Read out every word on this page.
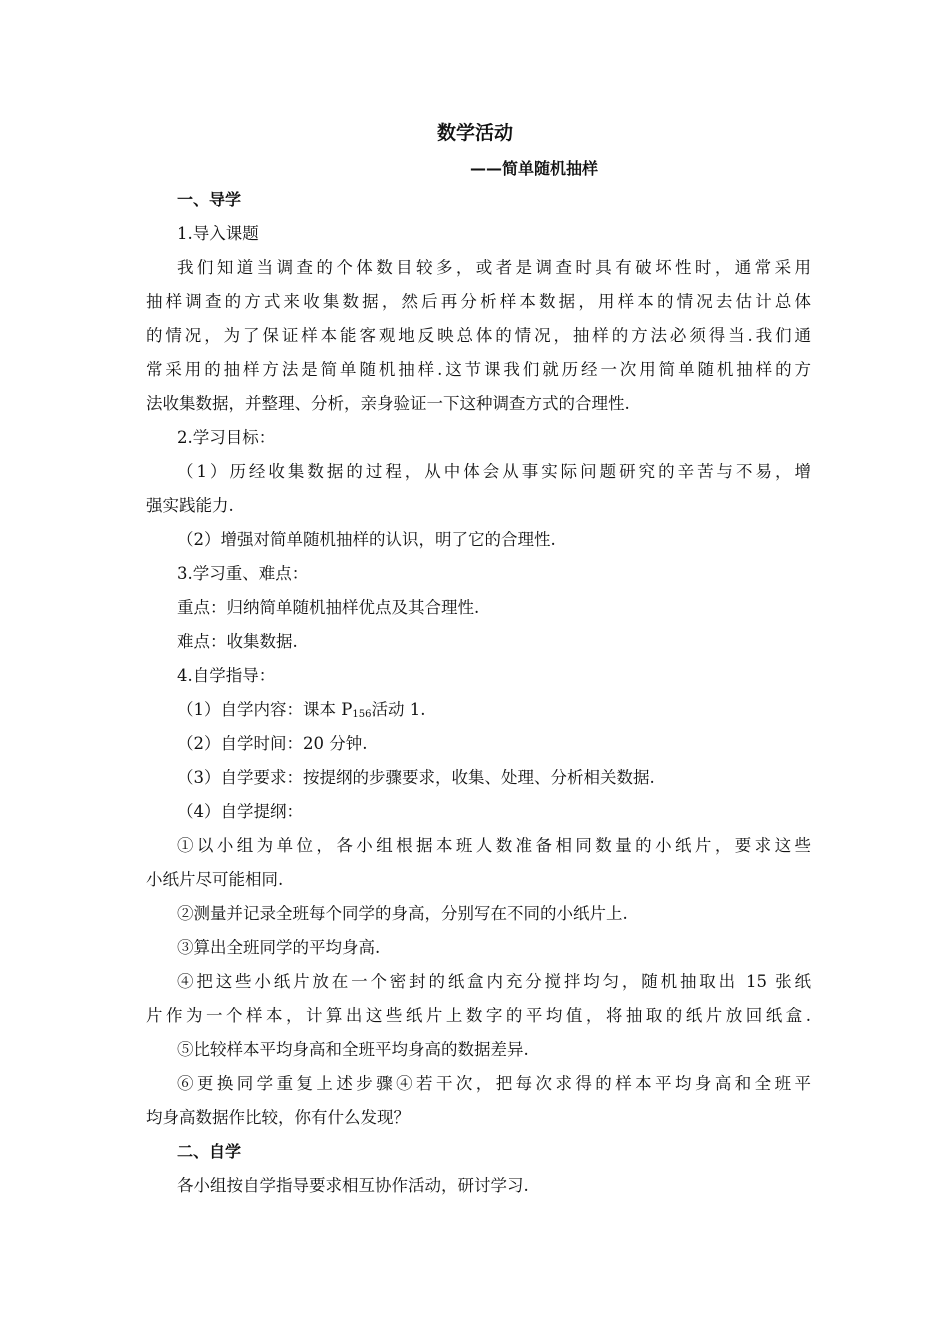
数学活动
——简单随机抽样
一、导学
1.导入课题
我们知道当调查的个体数目较多，或者是调查时具有破坏性时，通常采用
抽样调查的方式来收集数据，然后再分析样本数据，用样本的情况去估计总体
的情况，为了保证样本能客观地反映总体的情况，抽样的方法必须得当.我们通
常采用的抽样方法是简单随机抽样.这节课我们就历经一次用简单随机抽样的方
法收集数据，并整理、分析，亲身验证一下这种调查方式的合理性.
2.学习目标：
（1）历经收集数据的过程，从中体会从事实际问题研究的辛苦与不易，增
强实践能力.
（2）增强对简单随机抽样的认识，明了它的合理性.
3.学习重、难点：
重点：归纳简单随机抽样优点及其合理性.
难点：收集数据.
4.自学指导：
（1）自学内容：课本 $P_{156}$活动 1.
（2）自学时间：20 分钟.
（3）自学要求：按提纲的步骤要求，收集、处理、分析相关数据.
（4）自学提纲：
①以小组为单位，各小组根据本班人数准备相同数量的小纸片，要求这些
小纸片尽可能相同.
②测量并记录全班每个同学的身高，分别写在不同的小纸片上.
③算出全班同学的平均身高.
④把这些小纸片放在一个密封的纸盒内充分搅拌均匀，随机抽取出 15 张纸
片作为一个样本，计算出这些纸片上数字的平均值，将抽取的纸片放回纸盒.
⑤比较样本平均身高和全班平均身高的数据差异.
⑥更换同学重复上述步骤④若干次，把每次求得的样本平均身高和全班平
均身高数据作比较，你有什么发现？
二、自学
各小组按自学指导要求相互协作活动，研讨学习.
